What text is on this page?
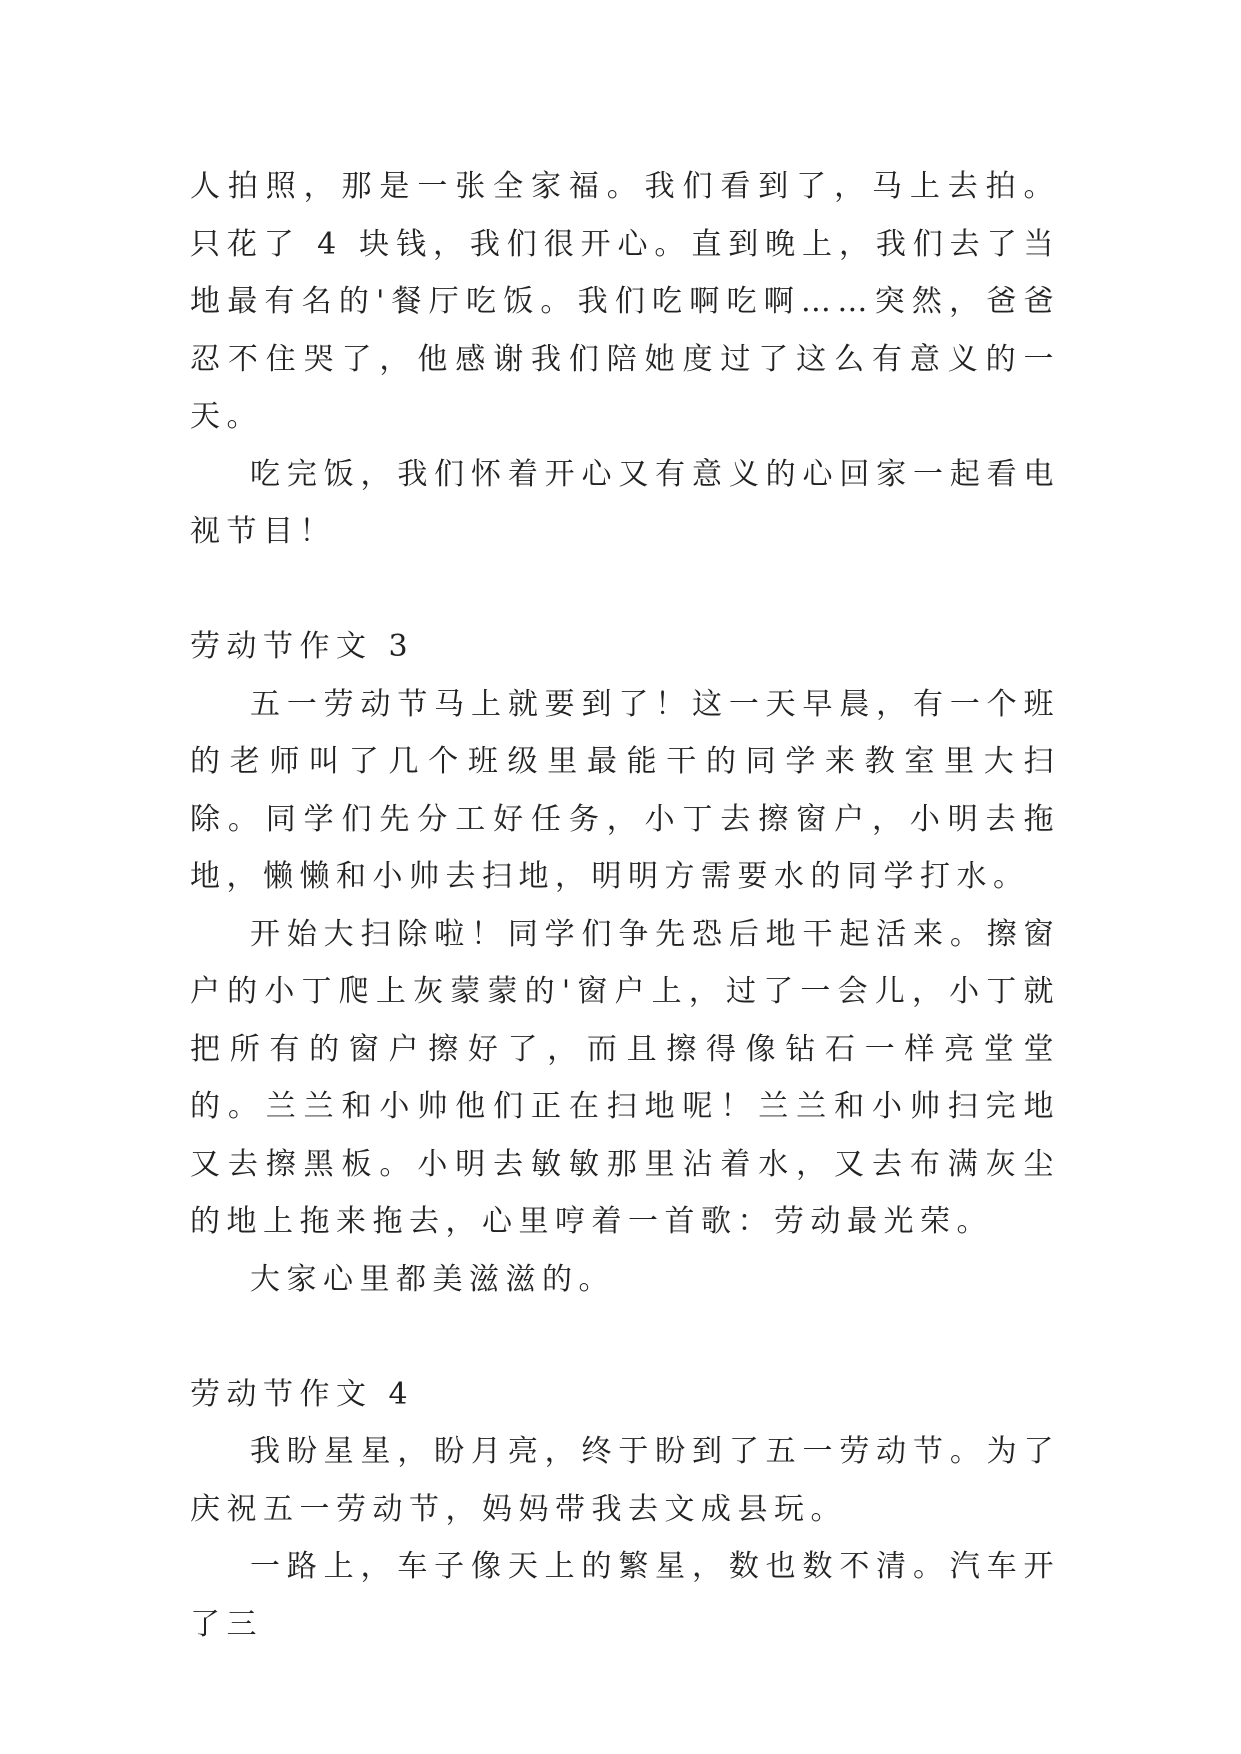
人拍照，那是一张全家福。我们看到了，马上去拍。只花了 4 块钱，我们很开心。直到晚上，我们去了当地最有名的'餐厅吃饭。我们吃啊吃啊……突然，爸爸忍不住哭了，他感谢我们陪她度过了这么有意义的一天。

吃完饭，我们怀着开心又有意义的心回家一起看电视节目！

劳动节作文 3

五一劳动节马上就要到了！这一天早晨，有一个班的老师叫了几个班级里最能干的同学来教室里大扫除。同学们先分工好任务，小丁去擦窗户，小明去拖地，懒懒和小帅去扫地，明明方需要水的同学打水。

开始大扫除啦！同学们争先恐后地干起活来。擦窗户的小丁爬上灰蒙蒙的'窗户上，过了一会儿，小丁就把所有的窗户擦好了，而且擦得像钻石一样亮堂堂的。兰兰和小帅他们正在扫地呢！兰兰和小帅扫完地又去擦黑板。小明去敏敏那里沾着水，又去布满灰尘的地上拖来拖去，心里哼着一首歌：劳动最光荣。

大家心里都美滋滋的。

劳动节作文 4

我盼星星，盼月亮，终于盼到了五一劳动节。为了庆祝五一劳动节，妈妈带我去文成县玩。

一路上，车子像天上的繁星，数也数不清。汽车开了三
